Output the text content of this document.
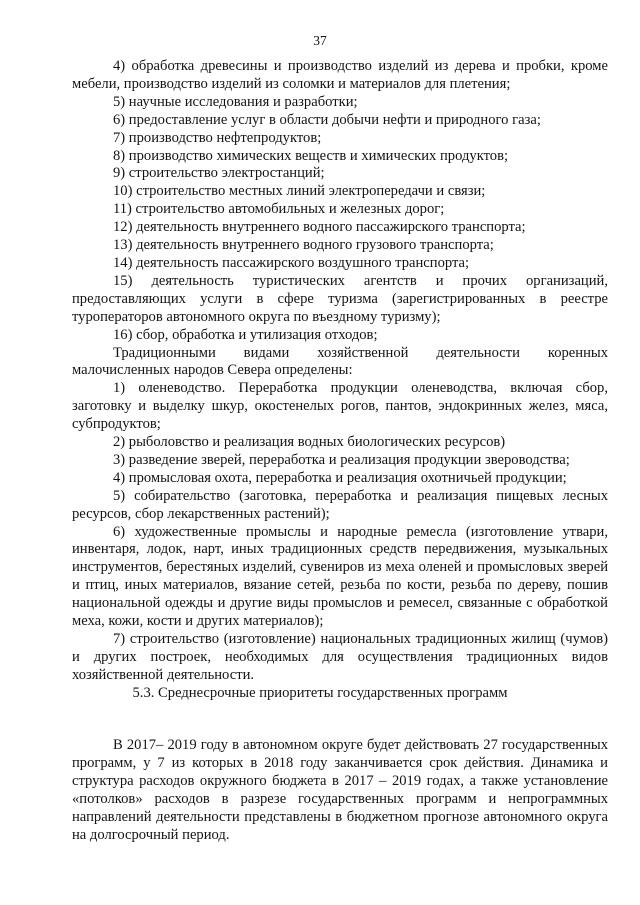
37

4) обработка древесины и производство изделий из дерева и пробки, кроме мебели, производство изделий из соломки и материалов для плетения;

5) научные исследования и разработки;

6) предоставление услуг в области добычи нефти и природного газа;

7) производство нефтепродуктов;

8) производство химических веществ и химических продуктов;

9) строительство электростанций;

10) строительство местных линий электропередачи и связи;

11) строительство автомобильных и железных дорог;

12) деятельность внутреннего водного пассажирского транспорта;

13) деятельность внутреннего водного грузового транспорта;

14) деятельность пассажирского воздушного транспорта;

15) деятельность туристических агентств и прочих организаций, предоставляющих услуги в сфере туризма (зарегистрированных в реестре туроператоров автономного округа по въездному туризму);

16) сбор, обработка и утилизация отходов;

Традиционными видами хозяйственной деятельности коренных малочисленных народов Севера определены:

1) оленеводство. Переработка продукции оленеводства, включая сбор, заготовку и выделку шкур, окостенелых рогов, пантов, эндокринных желез, мяса, субпродуктов;

2) рыболовство и реализация водных биологических ресурсов)

3) разведение зверей, переработка и реализация продукции звероводства;

4) промысловая охота, переработка и реализация охотничьей продукции;

5) собирательство (заготовка, переработка и реализация пищевых лесных ресурсов, сбор лекарственных растений);

6) художественные промыслы и народные ремесла (изготовление утвари, инвентаря, лодок, нарт, иных традиционных средств передвижения, музыкальных инструментов, берестяных изделий, сувениров из меха оленей и промысловых зверей и птиц, иных материалов, вязание сетей, резьба по кости, резьба по дереву, пошив национальной одежды и другие виды промыслов и ремесел, связанные с обработкой меха, кожи, кости и других материалов);

7) строительство (изготовление) национальных традиционных жилищ (чумов) и других построек, необходимых для осуществления традиционных видов хозяйственной деятельности.

5.3. Среднесрочные приоритеты государственных программ

В 2017– 2019 году в автономном округе будет действовать 27 государственных программ, у 7 из которых в 2018 году заканчивается срок действия. Динамика и структура расходов окружного бюджета в 2017 – 2019 годах, а также установление «потолков» расходов в разрезе государственных программ и непрограммных направлений деятельности представлены в бюджетном прогнозе автономного округа на долгосрочный период.
